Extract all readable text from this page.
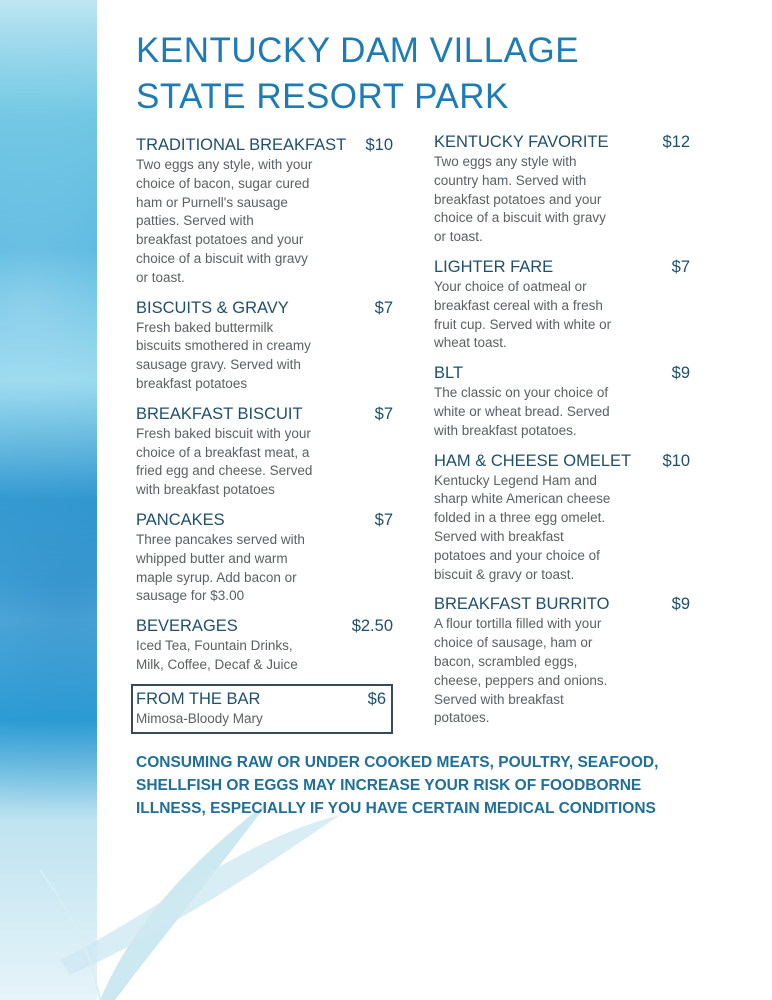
KENTUCKY DAM VILLAGE
STATE RESORT PARK
TRADITIONAL BREAKFAST $10
Two eggs any style, with your
choice of bacon, sugar cured
ham or Purnell's sausage
patties. Served with
breakfast potatoes and your
choice of a biscuit with gravy
or toast.
BISCUITS & GRAVY	$7
Fresh baked buttermilk
biscuits smothered in creamy
sausage gravy. Served with
breakfast potatoes
BREAKFAST BISCUIT	$7
Fresh baked biscuit with your
choice of a breakfast meat, a
fried egg and cheese. Served
with breakfast potatoes
PANCAKES	$7
Three pancakes served with
whipped butter and warm
maple syrup. Add bacon or
sausage for $3.00
BEVERAGES	$2.50
Iced Tea, Fountain Drinks,
Milk, Coffee, Decaf & Juice
FROM THE BAR	$6
Mimosa-Bloody Mary
KENTUCKY FAVORITE	$12
Two eggs any style with
country ham. Served with
breakfast potatoes and your
choice of a biscuit with gravy
or toast.
LIGHTER FARE	$7
Your choice of oatmeal or
breakfast cereal with a fresh
fruit cup. Served with white or
wheat toast.
BLT	$9
The classic on your choice of
white or wheat bread. Served
with breakfast potatoes.
HAM & CHEESE OMELET $10
Kentucky Legend Ham and
sharp white American cheese
folded in a three egg omelet.
Served with breakfast
potatoes and your choice of
biscuit & gravy or toast.
BREAKFAST BURRITO	$9
A flour tortilla filled with your
choice of sausage, ham or
bacon, scrambled eggs,
cheese, peppers and onions.
Served with breakfast
potatoes.
CONSUMING RAW OR UNDER COOKED MEATS, POULTRY, SEAFOOD,
SHELLFISH OR EGGS MAY INCREASE YOUR RISK OF FOODBORNE
ILLNESS, ESPECIALLY IF YOU HAVE CERTAIN MEDICAL CONDITIONS
